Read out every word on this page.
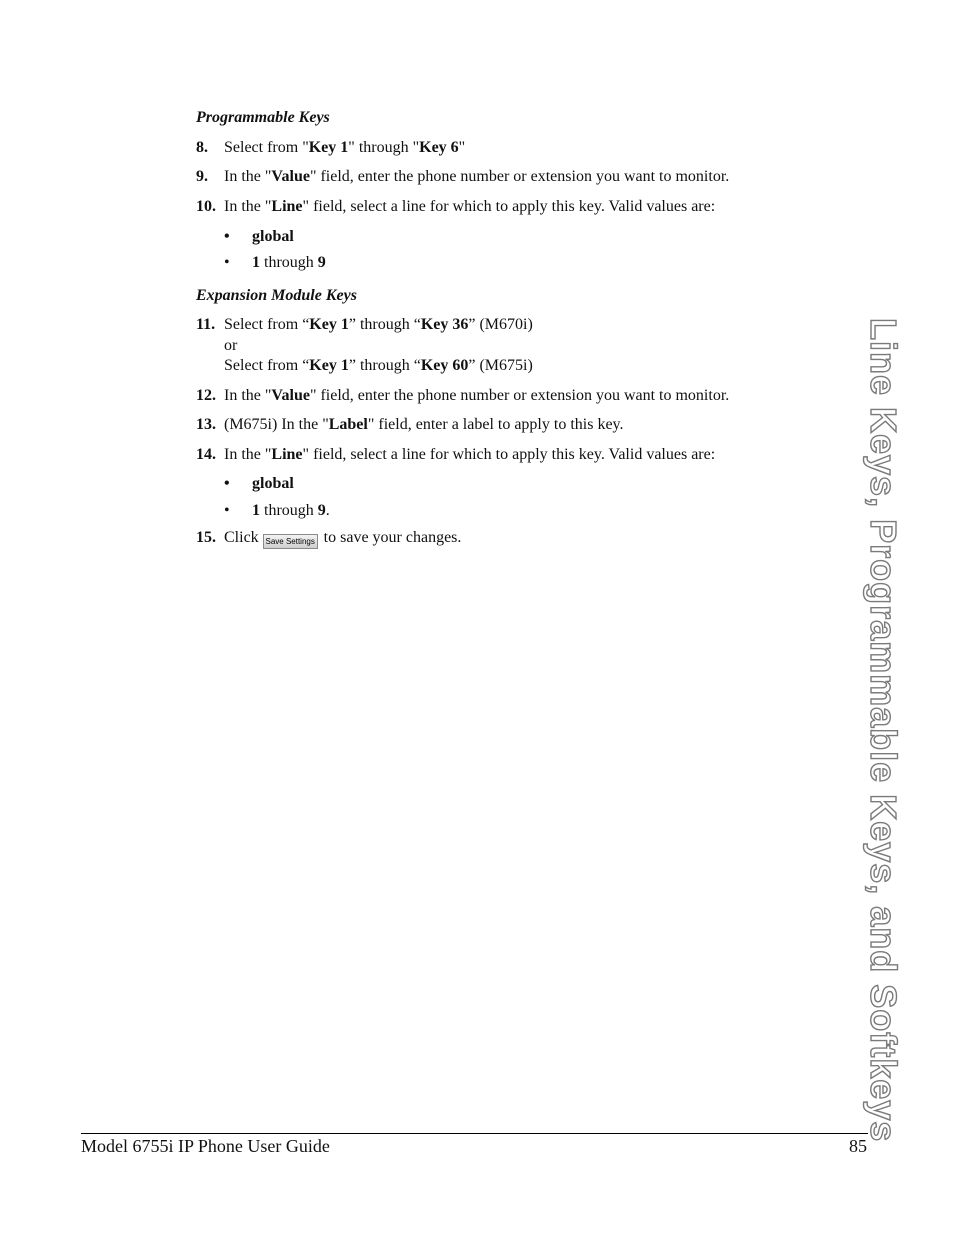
Programmable Keys
8. Select from "Key 1" through "Key 6"
9. In the "Value" field, enter the phone number or extension you want to monitor.
10. In the "Line" field, select a line for which to apply this key. Valid values are:
• global
• 1 through 9
Expansion Module Keys
11. Select from “Key 1” through “Key 36” (M670i)
or
Select from “Key 1” through “Key 60” (M675i)
12. In the "Value" field, enter the phone number or extension you want to monitor.
13. (M675i) In the "Label" field, enter a label to apply to this key.
14. In the "Line" field, select a line for which to apply this key. Valid values are:
• global
• 1 through 9.
15. Click Save Settings to save your changes.	Line Keys, Programmable Keys, and Softkeys
Model 6755i IP Phone User Guide	85
